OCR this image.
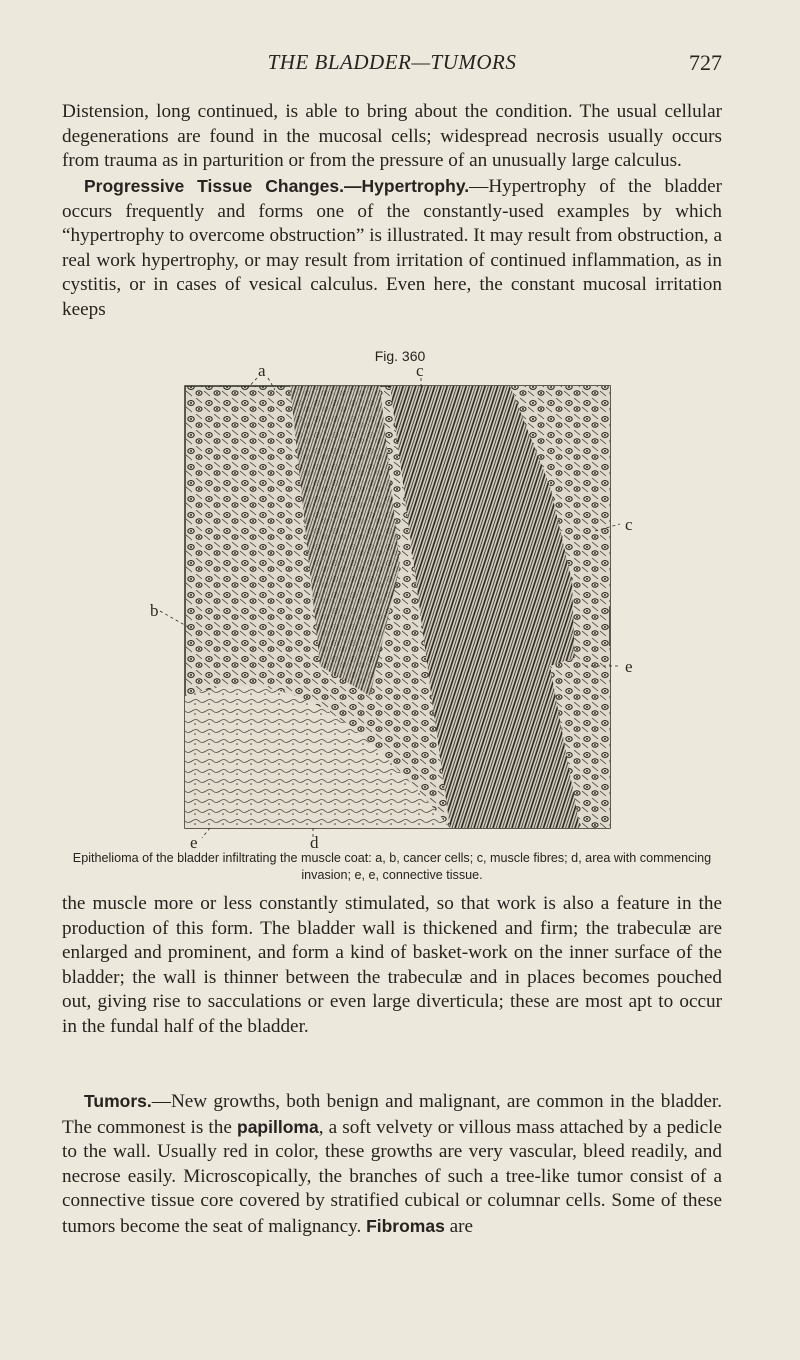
THE BLADDER—TUMORS	727

Distension, long continued, is able to bring about the condition. The usual cellular degenerations are found in the mucosal cells; widespread necrosis usually occurs from trauma as in parturition or from the pressure of an unusually large calculus.

Progressive Tissue Changes.—Hypertrophy.—Hypertrophy of the bladder occurs frequently and forms one of the constantly-used examples by which “hypertrophy to overcome obstruction” is illustrated. It may result from obstruction, a real work hypertrophy, or may result from irritation of continued inflammation, as in cystitis, or in cases of vesical calculus. Even here, the constant mucosal irritation keeps

Fig. 360
a	c
c
b
e
e	d

Epithelioma of the bladder infiltrating the muscle coat: a, b, cancer cells; c, muscle fibres; d, area with commencing invasion; e, e, connective tissue.

the muscle more or less constantly stimulated, so that work is also a feature in the production of this form. The bladder wall is thickened and firm; the trabeculæ are enlarged and prominent, and form a kind of basket-work on the inner surface of the bladder; the wall is thinner between the trabeculæ and in places becomes pouched out, giving rise to sacculations or even large diverticula; these are most apt to occur in the fundal half of the bladder.

Tumors.—New growths, both benign and malignant, are common in the bladder. The commonest is the papilloma, a soft velvety or villous mass attached by a pedicle to the wall. Usually red in color, these growths are very vascular, bleed readily, and necrose easily. Microscopically, the branches of such a tree-like tumor consist of a connective tissue core covered by stratified cubical or columnar cells. Some of these tumors become the seat of malignancy. Fibromas are
